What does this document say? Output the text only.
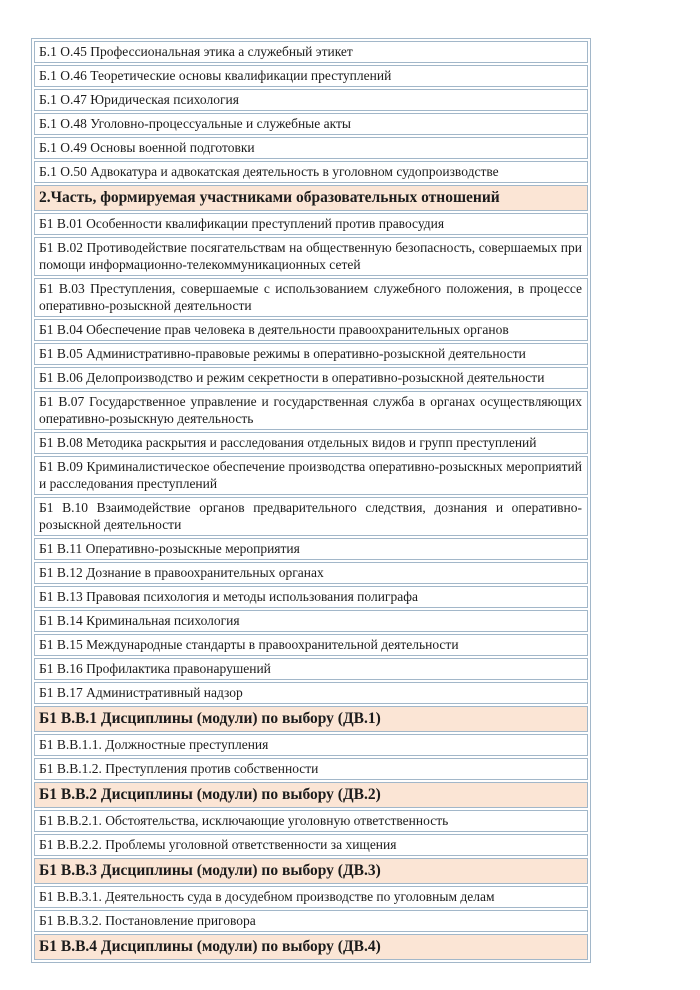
Б.1 О.45 Профессиональная этика а служебный этикет
Б.1 О.46 Теоретические основы квалификации преступлений
Б.1 О.47 Юридическая психология
Б.1 О.48 Уголовно-процессуальные и служебные акты
Б.1 О.49 Основы военной подготовки
Б.1 О.50 Адвокатура и адвокатская деятельность в уголовном судопроизводстве
2.Часть, формируемая участниками образовательных отношений
Б1 В.01 Особенности квалификации преступлений против правосудия
Б1 В.02 Противодействие посягательствам на общественную безопасность, совершаемых при помощи информационно-телекоммуникационных сетей
Б1 В.03 Преступления, совершаемые с использованием служебного положения, в процессе оперативно-розыскной деятельности
Б1 В.04 Обеспечение прав человека в деятельности правоохранительных органов
Б1 В.05 Административно-правовые режимы в оперативно-розыскной деятельности
Б1 В.06 Делопроизводство и режим секретности в оперативно-розыскной деятельности
Б1 В.07 Государственное управление и государственная служба в органах осуществляющих оперативно-розыскную деятельность
Б1 В.08 Методика раскрытия и расследования отдельных видов и групп преступлений
Б1 В.09 Криминалистическое обеспечение производства оперативно-розыскных мероприятий и расследования преступлений
Б1 В.10 Взаимодействие органов предварительного следствия, дознания и оперативно-розыскной деятельности
Б1 В.11 Оперативно-розыскные мероприятия
Б1 В.12 Дознание в правоохранительных органах
Б1 В.13 Правовая психология и методы использования полиграфа
Б1 В.14 Криминальная психология
Б1 В.15 Международные стандарты в правоохранительной деятельности
Б1 В.16 Профилактика правонарушений
Б1 В.17 Административный надзор
Б1 В.В.1 Дисциплины (модули) по выбору (ДВ.1)
Б1 В.В.1.1. Должностные преступления
Б1 В.В.1.2. Преступления против собственности
Б1 В.В.2 Дисциплины (модули) по выбору (ДВ.2)
Б1 В.В.2.1. Обстоятельства, исключающие уголовную ответственность
Б1 В.В.2.2. Проблемы уголовной ответственности за хищения
Б1 В.В.3 Дисциплины (модули) по выбору (ДВ.3)
Б1 В.В.3.1. Деятельность суда в досудебном производстве по уголовным делам
Б1 В.В.3.2. Постановление приговора
Б1 В.В.4 Дисциплины (модули) по выбору (ДВ.4)
